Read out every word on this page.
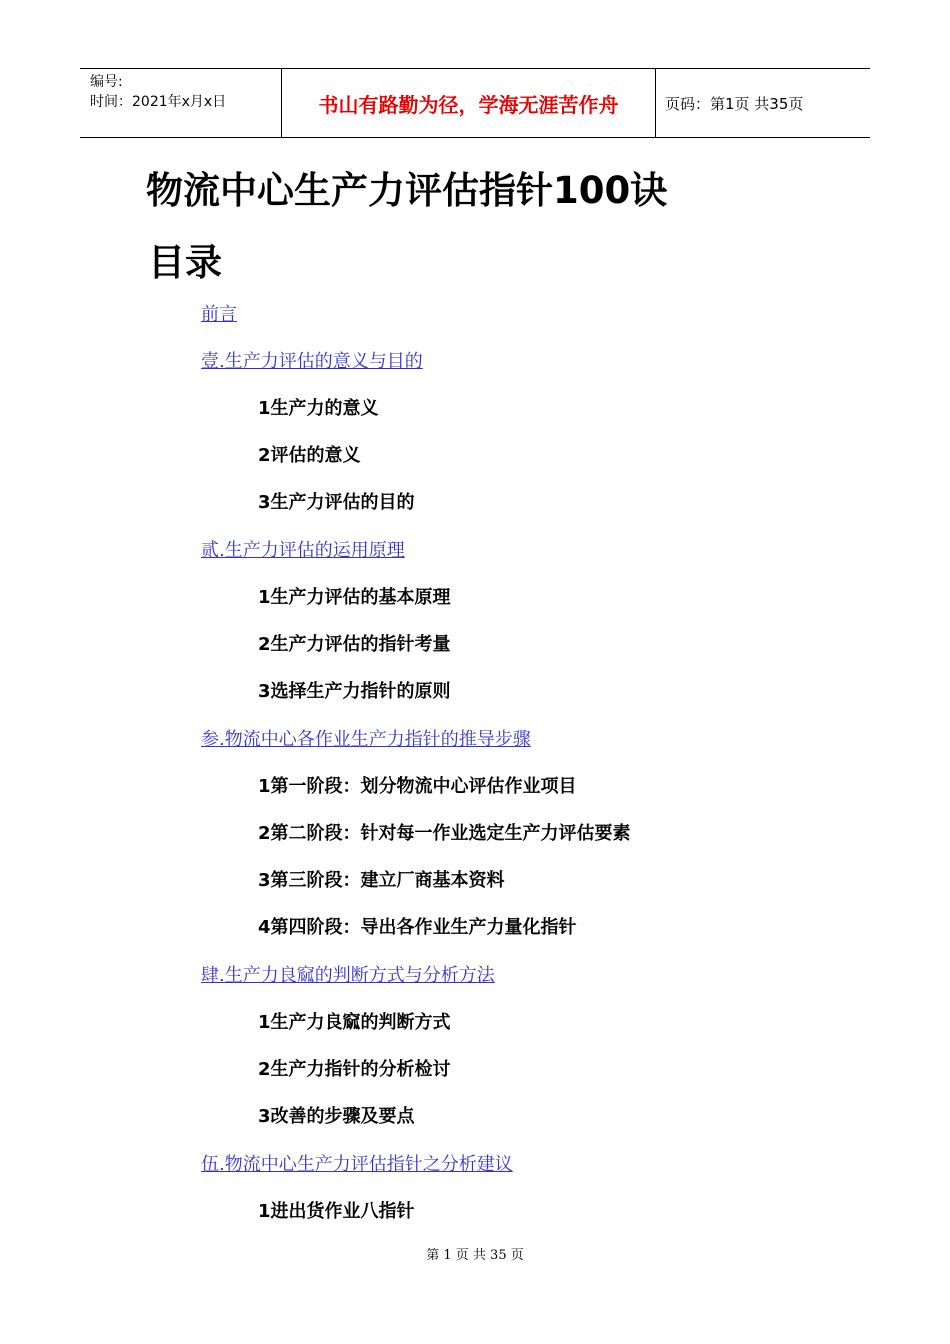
编号:
时间：2021年x月x日	书山有路勤为径，学海无涯苦作舟	页码：第1页 共35页
物流中心生产力评估指针100诀
目录
前言
壹.生产力评估的意义与目的
1生产力的意义
2评估的意义
3生产力评估的目的
贰.生产力评估的运用原理
1生产力评估的基本原理
2生产力评估的指针考量
3选择生产力指针的原则
参.物流中心各作业生产力指针的推导步骤
1第一阶段：划分物流中心评估作业项目
2第二阶段：针对每一作业选定生产力评估要素
3第三阶段：建立厂商基本资料
4第四阶段：导出各作业生产力量化指针
肆.生产力良窳的判断方式与分析方法
1生产力良窳的判断方式
2生产力指针的分析检讨
3改善的步骤及要点
伍.物流中心生产力评估指针之分析建议
1进出货作业八指针
第 1 页 共 35 页
